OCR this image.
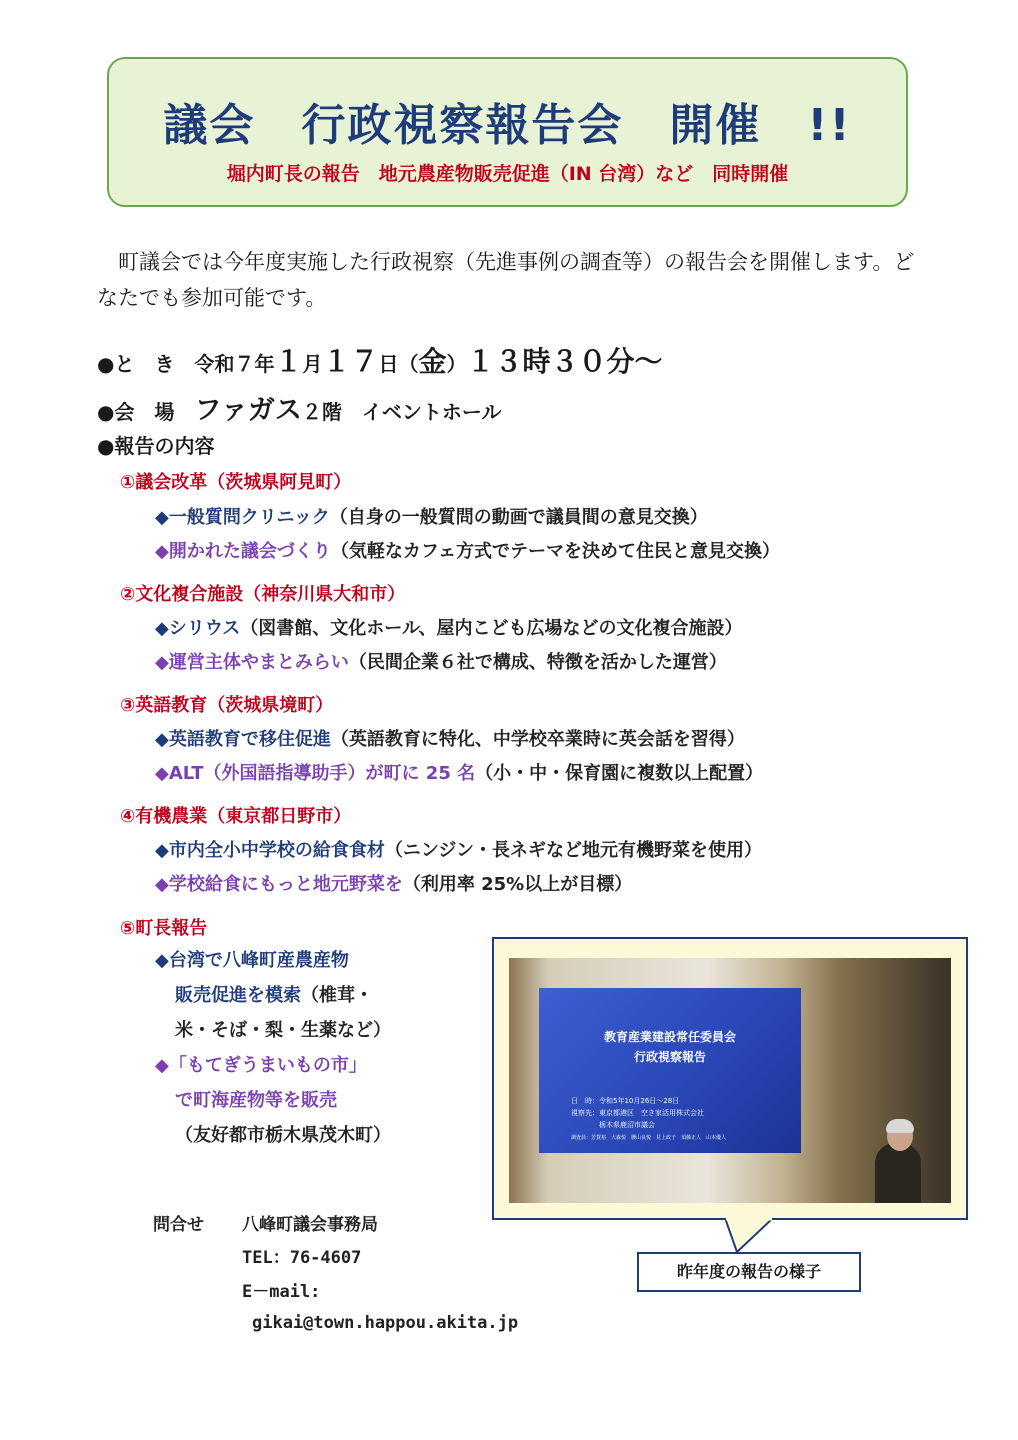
議会　行政視察報告会　開催　!!
堀内町長の報告　地元農産物販売促進（IN 台湾）など　同時開催
町議会では今年度実施した行政視察（先進事例の調査等）の報告会を開催します。どなたでも参加可能です。
●と　き　令和７年１月１７日（金）１３時３０分～
●会　場　ファガス２階　イベントホール
●報告の内容
①議会改革（茨城県阿見町）
◆一般質問クリニック（自身の一般質問の動画で議員間の意見交換）
◆開かれた議会づくり（気軽なカフェ方式でテーマを決めて住民と意見交換）
②文化複合施設（神奈川県大和市）
◆シリウス（図書館、文化ホール、屋内こども広場などの文化複合施設）
◆運営主体やまとみらい（民間企業６社で構成、特徴を活かした運営）
③英語教育（茨城県境町）
◆英語教育で移住促進（英語教育に特化、中学校卒業時に英会話を習得）
◆ALT（外国語指導助手）が町に 25 名（小・中・保育園に複数以上配置）
④有機農業（東京都日野市）
◆市内全小中学校の給食食材（ニンジン・長ネギなど地元有機野菜を使用）
◆学校給食にもっと地元野菜を（利用率 25%以上が目標）
⑤町長報告
◆台湾で八峰町産農産物
販売促進を模索（椎茸・
米・そば・梨・生薬など）
◆「もてぎうまいもの市」
で町海産物等を販売
（友好都市栃木県茂木町）
教育産業建設常任委員会
行政視察報告
日　時：令和5年10月26日～28日
視察先：東京都港区　空き家活用株式会社
栃木県鹿沼市議会
調査員：芳賀裕　大森悦　腰山良悦　見上政子　須藤正人　山本優人
昨年度の報告の様子
問合せ 八峰町議会事務局
TEL：76-4607
E－mail:
gikai@town.happou.akita.jp
